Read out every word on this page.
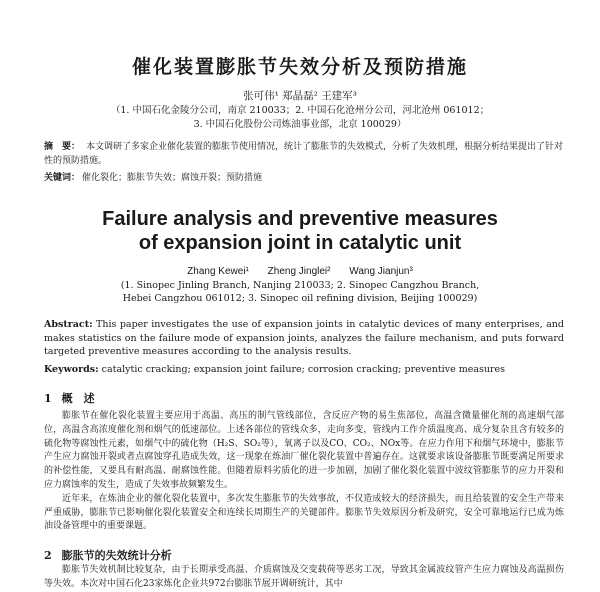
催化装置膨胀节失效分析及预防措施
张可伟¹ 郑晶磊² 王建军³
（1. 中国石化金陵分公司，南京 210033；2. 中国石化沧州分公司，河北沧州 061012；
3. 中国石化股份公司炼油事业部，北京 100029）
摘　要： 本文调研了多家企业催化装置的膨胀节使用情况，统计了膨胀节的失效模式，分析了失效机理，根据分析结果提出了针对性的预防措施。
关键词： 催化裂化；膨胀节失效；腐蚀开裂；预防措施
Failure analysis and preventive measures
of expansion joint in catalytic unit
Zhang Kewei¹ Zheng Jinglei² Wang Jianjun³
(1. Sinopec Jinling Branch, Nanjing 210033; 2. Sinopec Cangzhou Branch,
Hebei Cangzhou 061012; 3. Sinopec oil refining division, Beijing 100029)
Abstract: This paper investigates the use of expansion joints in catalytic devices of many enterprises, and makes statistics on the failure mode of expansion joints, analyzes the failure mechanism, and puts forward targeted preventive measures according to the analysis results.
Keywords: catalytic cracking; expansion joint failure; corrosion cracking; preventive measures
1 概　述

膨胀节在催化裂化装置主要应用于高温、高压的制气管线部位，含反应产物的易生焦部位，高温含微量催化剂的高速烟气部位，高温含高浓度催化剂和烟气的低速部位。上述各部位的管线众多，走向多变，管线内工作介质温度高、成分复杂且含有较多的硫化物等腐蚀性元素，如烟气中的硫化物（H₂S、SO₂等），氧离子以及CO、CO₂、NOx等。在应力作用下和烟气环境中，膨胀节产生应力腐蚀开裂或者点腐蚀穿孔造成失效，这一现象在炼油厂催化裂化装置中普遍存在。这就要求该设备膨胀节既要满足所要求的补偿性能，又要具有耐高温、耐腐蚀性能。但随着原料劣质化的进一步加剧，加剧了催化裂化装置中波纹管膨胀节的应力开裂和应力腐蚀率的发生，造成了失效事故频繁发生。

近年来，在炼油企业的催化裂化装置中，多次发生膨胀节的失效事故，不仅造成较大的经济损失，而且给装置的安全生产带来严重威胁，膨胀节已影响催化裂化装置安全和连续长周期生产的关键部件。膨胀节失效原因分析及研究，安全可靠地运行已成为炼油设备管理中的重要课题。

2 膨胀节的失效统计分析

膨胀节失效机制比较复杂，由于长期承受高温、介质腐蚀及交变载荷等恶劣工况，导致其金属波纹管产生应力腐蚀及高温损伤等失效。本次对中国石化23家炼化企业共972台膨胀节展开调研统计，其中
